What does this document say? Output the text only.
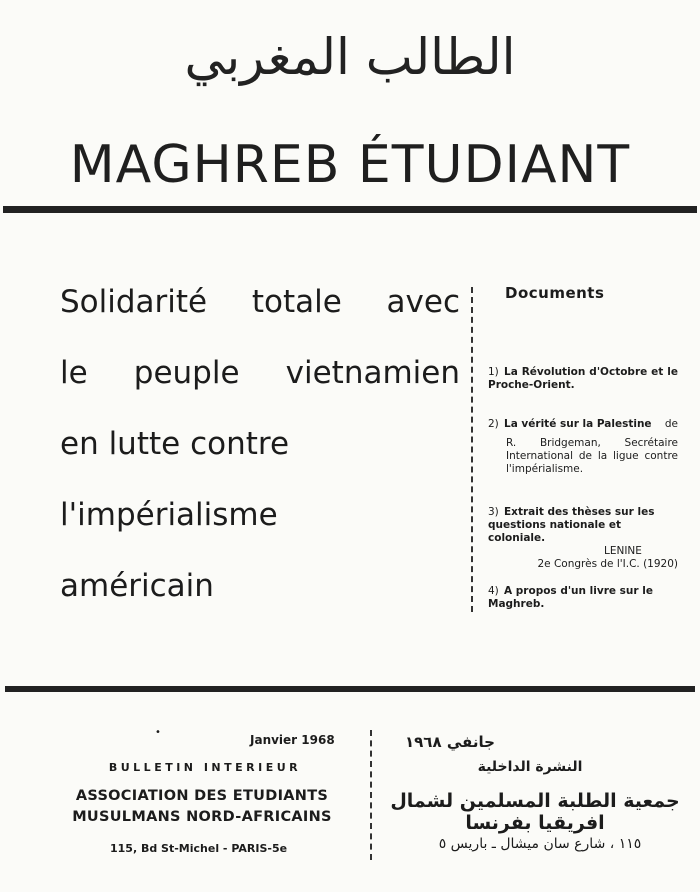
الطالب المغربي
MAGHREB ÉTUDIANT
Solidarité totale avec
le peuple vietnamien
en lutte contre
l'impérialisme
américain
Documents
1) La Révolution d'Octobre et le Proche-Orient.
2) La vérité sur la Palestine de
R. Bridgeman, Secrétaire International de la ligue contre l'impérialisme.
3) Extrait des thèses sur les questions nationale et coloniale.
LENINE
2e Congrès de l'I.C. (1920)
4) A propos d'un livre sur le Maghreb.
•
Janvier 1968
BULLETIN INTERIEUR
ASSOCIATION DES ETUDIANTS
MUSULMANS NORD-AFRICAINS
115, Bd St-Michel - PARIS-5e
جانفي ١٩٦٨
النشرة الداخلية
جمعية الطلبة المسلمين لشمال افريقيا بفرنسا
١١٥ ، شارع سان ميشال ـ باريس ٥
